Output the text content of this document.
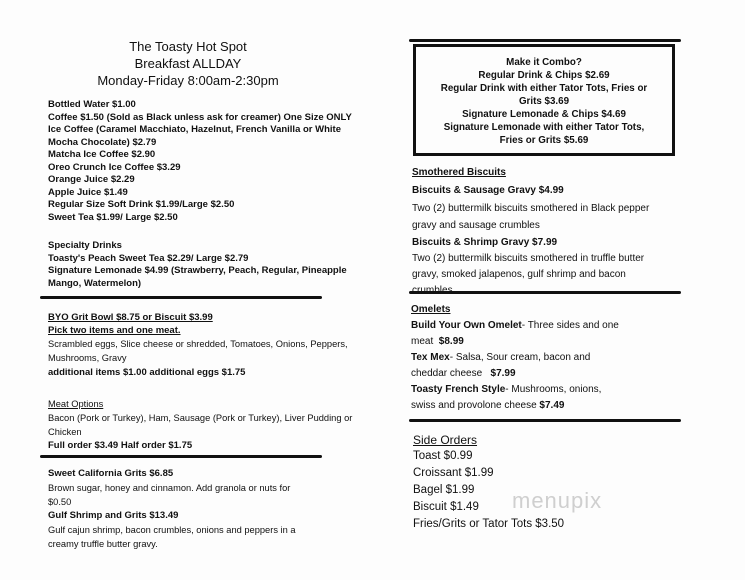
The Toasty Hot Spot
Breakfast ALLDAY
Monday-Friday 8:00am-2:30pm
Bottled Water $1.00
Coffee $1.50 (Sold as Black unless ask for creamer) One Size ONLY
Ice Coffee (Caramel Macchiato, Hazelnut, French Vanilla or White
Mocha Chocolate) $2.79
Matcha Ice Coffee $2.90
Oreo Crunch Ice Coffee $3.29
Orange Juice $2.29
Apple Juice $1.49
Regular Size Soft Drink $1.99/Large $2.50
Sweet Tea $1.99/ Large $2.50
Specialty Drinks
Toasty's Peach Sweet Tea $2.29/ Large $2.79
Signature Lemonade $4.99 (Strawberry, Peach, Regular, Pineapple
Mango, Watermelon)
BYO Grit Bowl $8.75 or Biscuit $3.99
Pick two items and one meat.
Scrambled eggs, Slice cheese or shredded, Tomatoes, Onions, Peppers,
Mushrooms, Gravy
additional items $1.00 additional eggs $1.75
Meat Options
Bacon (Pork or Turkey), Ham, Sausage (Pork or Turkey), Liver Pudding or
Chicken
Full order $3.49 Half order $1.75
Sweet California Grits $6.85
Brown sugar, honey and cinnamon. Add granola or nuts for
$0.50
Gulf Shrimp and Grits $13.49
Gulf cajun shrimp, bacon crumbles, onions and peppers in a
creamy truffle butter gravy.
Make it Combo?
Regular Drink & Chips $2.69
Regular Drink with either Tator Tots, Fries or
Grits $3.69
Signature Lemonade & Chips $4.69
Signature Lemonade with either Tator Tots,
Fries or Grits $5.69
Smothered Biscuits
Biscuits & Sausage Gravy $4.99
Two (2) buttermilk biscuits smothered in Black pepper
gravy and sausage crumbles
Biscuits & Shrimp Gravy $7.99
Two (2) buttermilk biscuits smothered in truffle butter
gravy, smoked jalapenos, gulf shrimp and bacon
Omelets
Build Your Own Omelet- Three sides and one
meat $8.99
Tex Mex- Salsa, Sour cream, bacon and
cheddar cheese $7.99
Toasty French Style- Mushrooms, onions,
swiss and provolone cheese $7.49
Side Orders
Toast $0.99
Croissant $1.99
Bagel $1.99
Biscuit $1.49
Fries/Grits or Tator Tots $3.50
menupix
